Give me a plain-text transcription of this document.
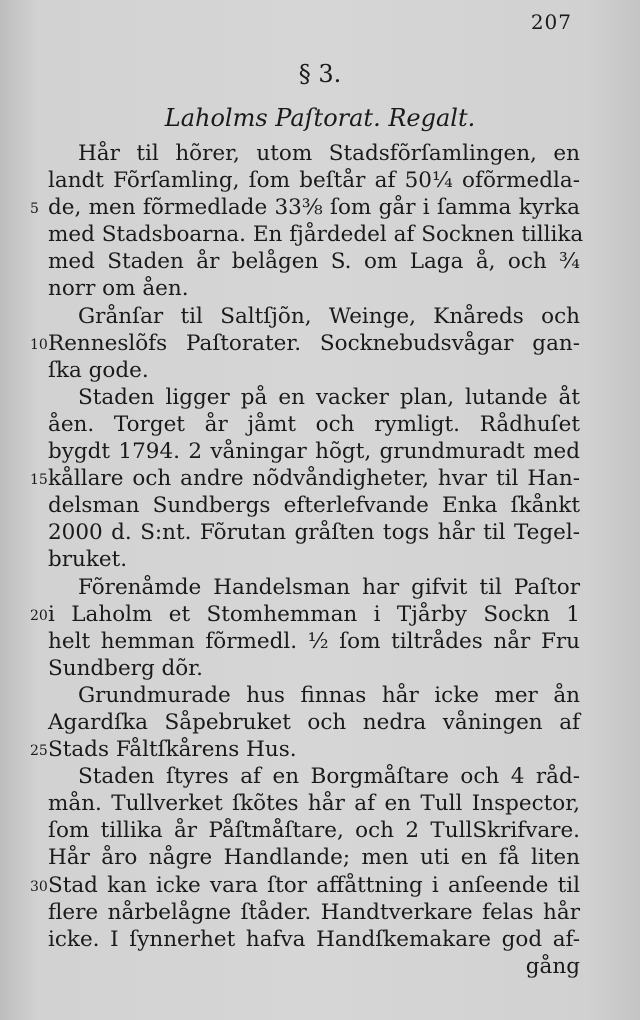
207
§ 3.
Laholms Paſtorat. Regalt.
Hår til hõrer, utom Stadsfõrſamlingen, en
landt Fõrſamling, ſom beſtår af 50¼ ofõrmedla-
5 de, men fõrmedlade 33⅜ ſom går i ſamma kyrka
med Stadsboarna. En fjårdedel af Socknen tillika
med Staden år belågen S. om Laga å, och ¾
norr om åen.
Grånſar til Saltſjõn, Weinge, Knåreds och
10 Renneslõfs Paſtorater. Socknebudsvågar gan-
ſka gode.
Staden ligger på en vacker plan, lutande åt
åen. Torget år jåmt och rymligt. Rådhuſet
bygdt 1794. 2 våningar hõgt, grundmuradt med
15 kållare och andre nõdvåndigheter, hvar til Han-
delsman Sundbergs efterlefvande Enka ſkånkt
2000 d. S:nt. Fõrutan gråſten togs hår til Tegel-
bruket.
Fõrenåmde Handelsman har gifvit til Paſtor
20 i Laholm et Stomhemman i Tjårby Sockn 1
helt hemman fõrmedl. ½ ſom tiltrådes når Fru
Sundberg dõr.
Grundmurade hus finnas hår icke mer ån
Agardſka Såpebruket och nedra våningen af
25 Stads Fåltſkårens Hus.
Staden ſtyres af en Borgmåſtare och 4 råd-
mån. Tullverket ſkõtes hår af en Tull Inspector,
ſom tillika år Påſtmåſtare, och 2 TullSkrifvare.
Hår åro någre Handlande; men uti en få liten
30 Stad kan icke vara ſtor affåttning i anſeende til
flere nårbelågne ſtåder. Handtverkare felas hår
icke. I ſynnerhet hafva Handſkemakare god af-
gång
